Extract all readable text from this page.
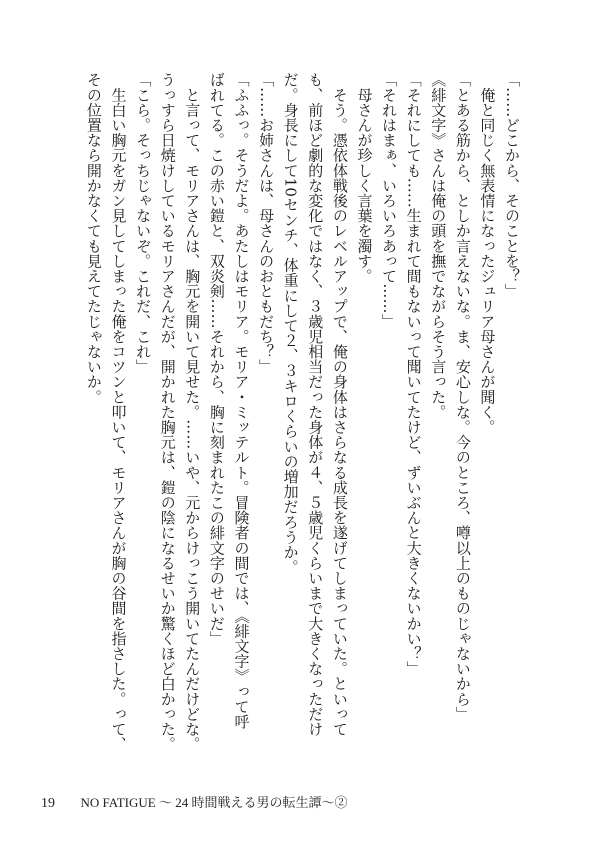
「……どこから、そのことを？」

　俺と同じく無表情になったジュリア母さんが聞く。

「とある筋から、としか言えないな。ま、安心しな。今のところ、噂以上のものじゃないから」

《緋文字》さんは俺の頭を撫でながらそう言った。

「それにしても……生まれて間もないって聞いてたけど、ずいぶんと大きくないかい？」

「それはまぁ、いろいろあって……」

　母さんが珍しく言葉を濁す。

　そう。憑依体戦後のレベルアップで、俺の身体はさらなる成長を遂げてしまっていた。といって

も、前ほど劇的な変化ではなく、３歳児相当だった身体が４、５歳児くらいまで大きくなっただけ

だ。身長にして10センチ、体重にして２、３キロくらいの増加だろうか。

「……お姉さんは、母さんのおともだち？」

「ふふっ。そうだよ。あたしはモリア。モリア・ミッテルト。冒険者の間では、《緋文字》って呼

ばれてる。この赤い鎧と、双炎剣……それから、胸に刻まれたこの緋文字のせいだ」

　と言って、モリアさんは、胸元を開いて見せた。……いや、元からけっこう開いてたんだけどな。

うっすら日焼けしているモリアさんだが、開かれた胸元は、鎧の陰になるせいか驚くほど白かった。

「こら。そっちじゃないぞ。これだ、これ」

　生白い胸元をガン見してしまった俺をコツンと叩いて、モリアさんが胸の谷間を指さした。って、

その位置なら開かなくても見えてたじゃないか。

19 NO FATIGUE ～ 24 時間戦える男の転生譚～②
